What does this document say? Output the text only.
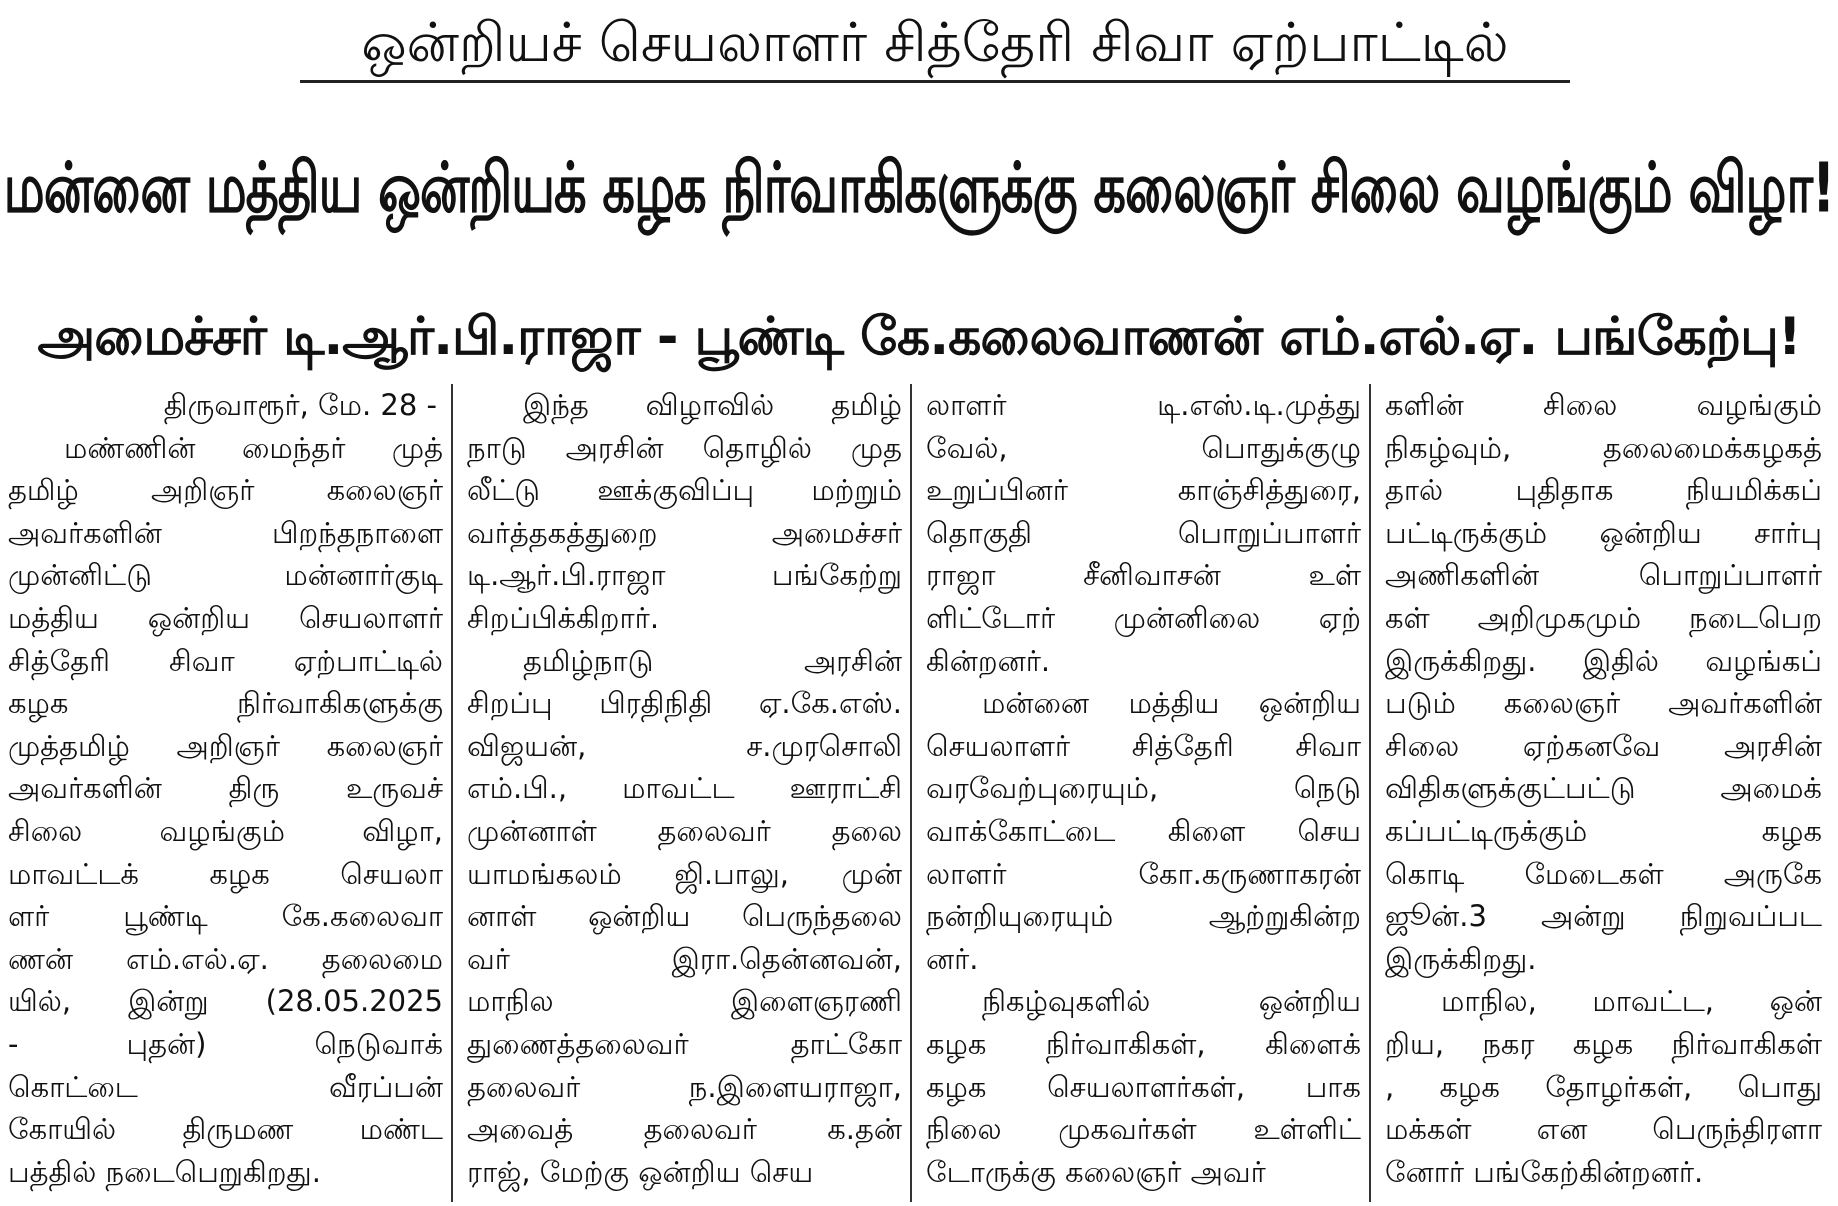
ஒன்றியச் செயலாளர் சித்தேரி சிவா ஏற்பாட்டில்
மன்னை மத்திய ஒன்றியக் கழக நிர்வாகிகளுக்கு கலைஞர் சிலை வழங்கும் விழா!
அமைச்சர் டி.ஆர்.பி.ராஜா - பூண்டி கே.கலைவாணன் எம்.எல்.ஏ. பங்கேற்பு!
திருவாரூர், மே. 28 -
மண்ணின் மைந்தர் முத்
தமிழ் அறிஞர் கலைஞர்
அவர்களின் பிறந்தநாளை
முன்னிட்டு மன்னார்குடி
மத்திய ஒன்றிய செயலாளர்
சித்தேரி சிவா ஏற்பாட்டில்
கழக நிர்வாகிகளுக்கு
முத்தமிழ் அறிஞர் கலைஞர்
அவர்களின் திரு உருவச்
சிலை வழங்கும் விழா,
மாவட்டக் கழக செயலா
ளர் பூண்டி கே.கலைவா
ணன் எம்.எல்.ஏ. தலைமை
யில், இன்று (28.05.2025
- புதன்) நெடுவாக்
கொட்டை வீரப்பன்
கோயில் திருமண மண்ட
பத்தில் நடைபெறுகிறது.
இந்த விழாவில் தமிழ்
நாடு அரசின் தொழில் முத
லீட்டு ஊக்குவிப்பு மற்றும்
வர்த்தகத்துறை அமைச்சர்
டி.ஆர்.பி.ராஜா பங்கேற்று
சிறப்பிக்கிறார்.
தமிழ்நாடு அரசின்
சிறப்பு பிரதிநிதி ஏ.கே.எஸ்.
விஜயன், ச.முரசொலி
எம்.பி., மாவட்ட ஊராட்சி
முன்னாள் தலைவர் தலை
யாமங்கலம் ஜி.பாலு, முன்
னாள் ஒன்றிய பெருந்தலை
வர் இரா.தென்னவன்,
மாநில இளைஞரணி
துணைத்தலைவர் தாட்கோ
தலைவர் ந.இளையராஜா,
அவைத் தலைவர் க.தன்
ராஜ், மேற்கு ஒன்றிய செய
லாளர் டி.எஸ்.டி.முத்து
வேல், பொதுக்குழு
உறுப்பினர் காஞ்சித்துரை,
தொகுதி பொறுப்பாளர்
ராஜா சீனிவாசன் உள்
ளிட்டோர் முன்னிலை ஏற்
கின்றனர்.
மன்னை மத்திய ஒன்றிய
செயலாளர் சித்தேரி சிவா
வரவேற்புரையும், நெடு
வாக்கோட்டை கிளை செய
லாளர் கோ.கருணாகரன்
நன்றியுரையும் ஆற்றுகின்ற
னர்.
நிகழ்வுகளில் ஒன்றிய
கழக நிர்வாகிகள், கிளைக்
கழக செயலாளர்கள், பாக
நிலை முகவர்கள் உள்ளிட்
டோருக்கு கலைஞர் அவர்
களின் சிலை வழங்கும்
நிகழ்வும், தலைமைக்கழகத்
தால் புதிதாக நியமிக்கப்
பட்டிருக்கும் ஒன்றிய சார்பு
அணிகளின் பொறுப்பாளர்
கள் அறிமுகமும் நடைபெற
இருக்கிறது. இதில் வழங்கப்
படும் கலைஞர் அவர்களின்
சிலை ஏற்கனவே அரசின்
விதிகளுக்குட்பட்டு அமைக்
கப்பட்டிருக்கும் கழக
கொடி மேடைகள் அருகே
ஜூன்.3 அன்று நிறுவப்பட
இருக்கிறது.
மாநில, மாவட்ட, ஒன்
றிய, நகர கழக நிர்வாகிகள்
, கழக தோழர்கள், பொது
மக்கள் என பெருந்திரளா
னோர் பங்கேற்கின்றனர்.
